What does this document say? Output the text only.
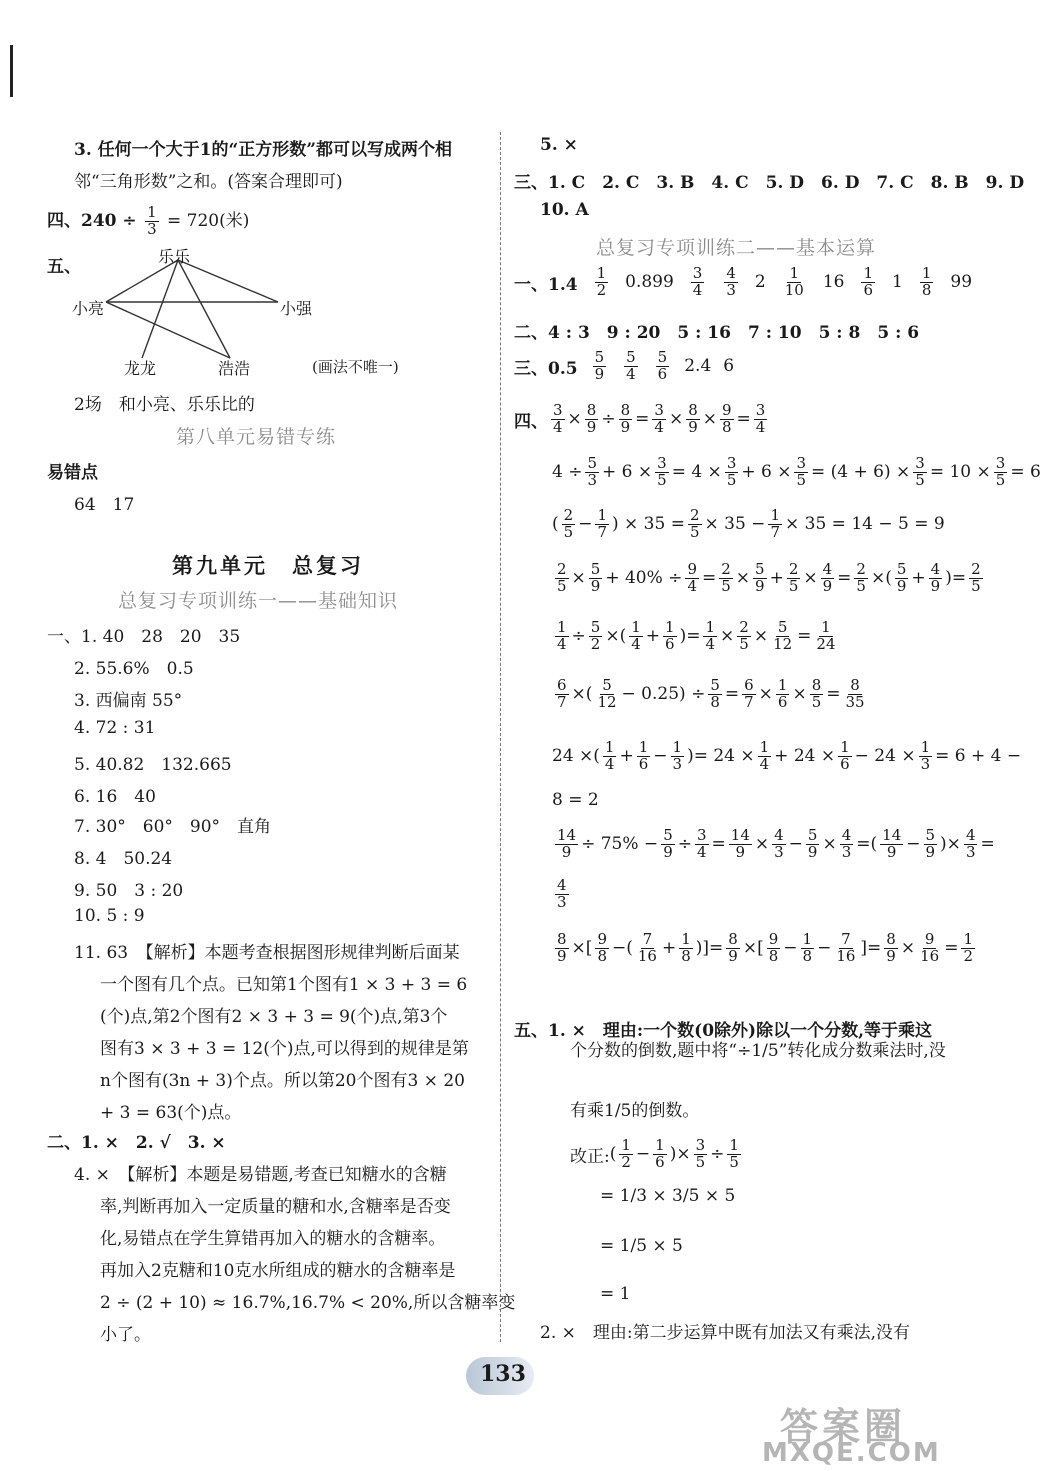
3. 任何一个大于1的“正方形数”都可以写成两个相
邻“三角形数”之和。(答案合理即可)
四、$240 \div \frac{1}{3} = 720$(米)
五、
乐乐
小亮	小强
龙龙	浩浩	(画法不唯一)
2场　和小亮、乐乐比的
第八单元易错专练
易错点
64　17
第九单元　总复习
总复习专项训练一——基础知识
一、1. 40　28　20　35
2. 55.6%　0.5
3. 西偏南 55°
4. 72 : 31
5. 40.82　132.665
6. 16　40
7. 30°　60°　90°　直角
8. 4　50.24
9. 50　3 : 20
10. 5 : 9
11. 63　【解析】本题考查根据图形规律判断后面某
一个图有几个点。已知第1个图有1 × 3 + 3 = 6
(个)点,第2个图有2 × 3 + 3 = 9(个)点,第3个
图有3 × 3 + 3 = 12(个)点,可以得到的规律是第
n个图有(3n + 3)个点。所以第20个图有3 × 20
+ 3 = 63(个)点。
二、1. ×　2. √　3. ×
4. ×　【解析】本题是易错题,考查已知糖水的含糖
率,判断再加入一定质量的糖和水,含糖率是否变
化,易错点在学生算错再加入的糖水的含糖率。
再加入2克糖和10克水所组成的糖水的含糖率是
2 ÷ (2 + 10) ≈ 16.7%,16.7% < 20%,所以含糖率变
小了。
5. ×
三、1. C　2. C　3. B　4. C　5. D　6. D　7. C　8. B　9. D
10. A
总复习专项训练二——基本运算
一、$1.4 \frac{1}{2} 0.899 \frac{3}{4} \frac{4}{3} 2 \frac{1}{10} 16 \frac{1}{6} 1 \frac{1}{8} 99$
二、4 : 3　9 : 20　5 : 16　7 : 10　5 : 8　5 : 6
三、$0.5 \frac{5}{9} \frac{5}{4} \frac{5}{6} 2.4$ 6
四、 $\frac{3}{4} \times \frac{8}{9} \div \frac{8}{9} = \frac{3}{4} \times \frac{8}{9} \times \frac{9}{8} = \frac{3}{4}$
$4 \div \frac{5}{3} + 6 \times \frac{3}{5} = 4 \times \frac{3}{5} + 6 \times \frac{3}{5} = (4 + 6) \times \frac{3}{5} = 10 \times \frac{3}{5} = 6$
( $\frac{2}{5} - \frac{1}{7}$ ) × $35 = \frac{2}{5} \times 35 - \frac{1}{7} \times 35 = 14 - 5 = 9$
$\frac{2}{5} \times \frac{5}{9} + 40\% \div \frac{9}{4} = \frac{2}{5} \times \frac{5}{9} + \frac{2}{5} \times \frac{4}{9} = \frac{2}{5}$ ×( $\frac{5}{9} + \frac{4}{9}$ )= $\frac{2}{5}$
$\frac{1}{4} \div \frac{5}{2}$ ×( $\frac{1}{4} + \frac{1}{6}$ )= $\frac{1}{4} \times \frac{2}{5} \times \frac{5}{12} = \frac{1}{24}$
$\frac{6}{7}$ ×( $\frac{5}{12} - 0.25) \div \frac{5}{8} = \frac{6}{7} \times \frac{1}{6} \times \frac{8}{5} = \frac{8}{35}$
24 ×( $\frac{1}{4} + \frac{1}{6} - \frac{1}{3}$ )= $24 \times \frac{1}{4} + 24 \times \frac{1}{6} - 24 \times \frac{1}{3} = 6 + 4$ −
8 = 2
$\frac{14}{9} \div 75\% - \frac{5}{9} \div \frac{3}{4} = \frac{14}{9} \times \frac{4}{3} - \frac{5}{9} \times \frac{4}{3}$ =( $\frac{14}{9} - \frac{5}{9}$ )× $\frac{4}{3}$ =
$\frac{4}{3}$
$\frac{8}{9}$ ×[ $\frac{9}{8}$ −( $\frac{7}{16} + \frac{1}{8}$ )]= $\frac{8}{9}$ ×[ $\frac{9}{8} - \frac{1}{8} - \frac{7}{16}$ ]= $\frac{8}{9} \times \frac{9}{16} = \frac{1}{2}$
五、1. ×　理由:一个数(0除外)除以一个分数,等于乘这
个分数的倒数,题中将“÷1/5”转化成分数乘法时,没
有乘1/5的倒数。
改正: ( $\frac{1}{2} - \frac{1}{6}$ )× $\frac{3}{5} \div \frac{1}{5}$
= 1/3 × 3/5 × 5
= 1/5 × 5
= 1
2. ×　理由:第二步运算中既有加法又有乘法,没有
133
答案圈
MXQE.COM
